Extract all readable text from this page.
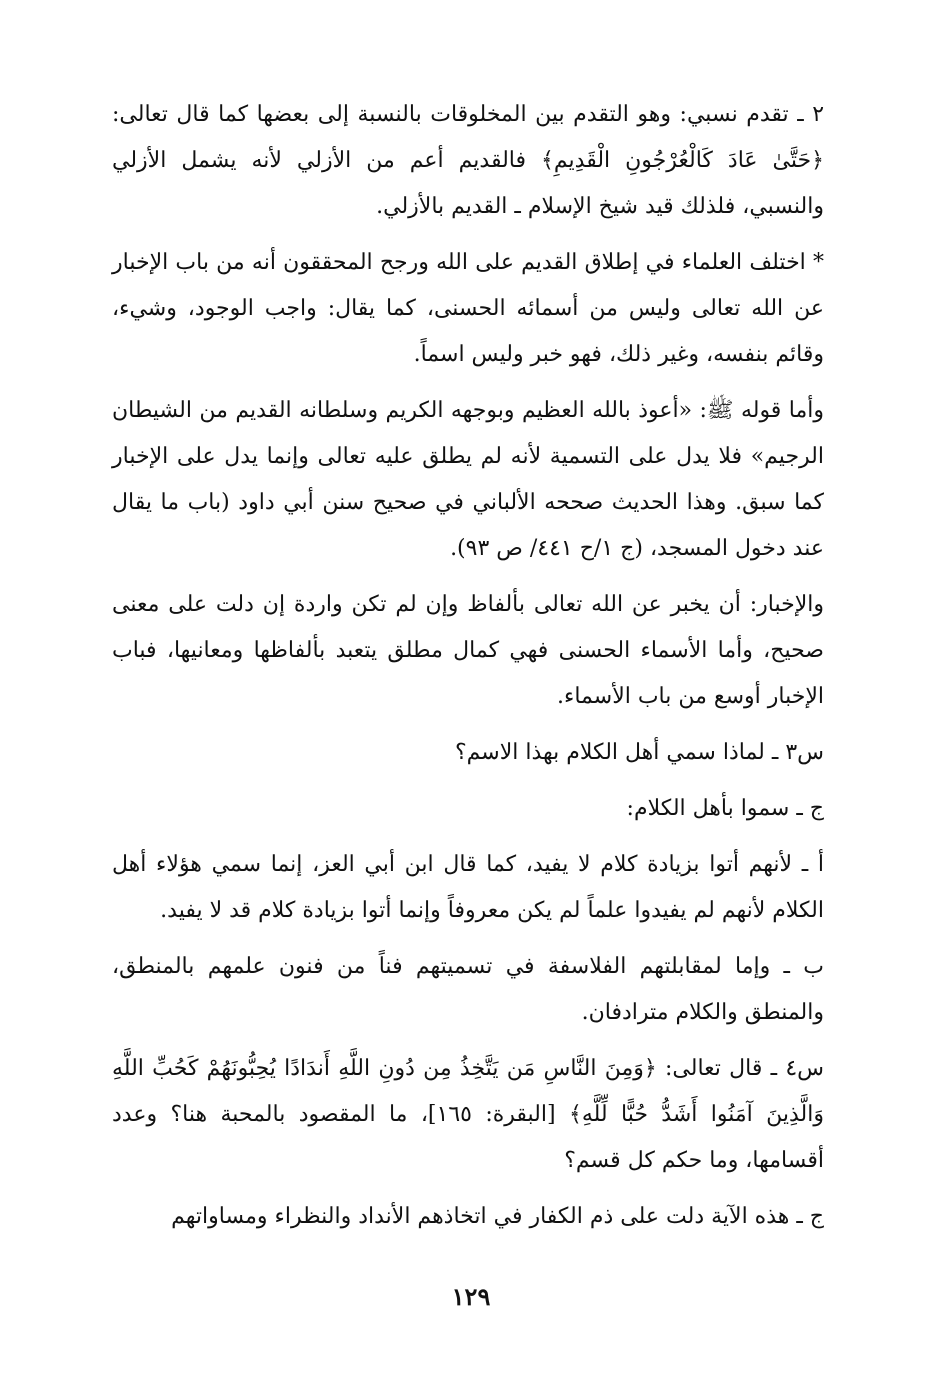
٢ ـ تقدم نسبي: وهو التقدم بين المخلوقات بالنسبة إلى بعضها كما قال تعالى: ﴿حَتَّىٰ عَادَ كَالْعُرْجُونِ الْقَدِيمِ﴾ فالقديم أعم من الأزلي لأنه يشمل الأزلي والنسبي، فلذلك قيد شيخ الإسلام ـ القديم بالأزلي.

* اختلف العلماء في إطلاق القديم على الله ورجح المحققون أنه من باب الإخبار عن الله تعالى وليس من أسمائه الحسنى، كما يقال: واجب الوجود، وشيء، وقائم بنفسه، وغير ذلك، فهو خبر وليس اسماً.

وأما قوله ﷺ: «أعوذ بالله العظيم وبوجهه الكريم وسلطانه القديم من الشيطان الرجيم» فلا يدل على التسمية لأنه لم يطلق عليه تعالى وإنما يدل على الإخبار كما سبق. وهذا الحديث صححه الألباني في صحيح سنن أبي داود (باب ما يقال عند دخول المسجد، (ج ١/ح ٤٤١/ ص ٩٣).

والإخبار: أن يخبر عن الله تعالى بألفاظ وإن لم تكن واردة إن دلت على معنى صحيح، وأما الأسماء الحسنى فهي كمال مطلق يتعبد بألفاظها ومعانيها، فباب الإخبار أوسع من باب الأسماء.

س٣ ـ لماذا سمي أهل الكلام بهذا الاسم؟

ج ـ سموا بأهل الكلام:

أ ـ لأنهم أتوا بزيادة كلام لا يفيد، كما قال ابن أبي العز، إنما سمي هؤلاء أهل الكلام لأنهم لم يفيدوا علماً لم يكن معروفاً وإنما أتوا بزيادة كلام قد لا يفيد.

ب ـ وإما لمقابلتهم الفلاسفة في تسميتهم فناً من فنون علمهم بالمنطق، والمنطق والكلام مترادفان.

س٤ ـ قال تعالى: ﴿وَمِنَ النَّاسِ مَن يَتَّخِذُ مِن دُونِ اللَّهِ أَندَادًا يُحِبُّونَهُمْ كَحُبِّ اللَّهِ وَالَّذِينَ آمَنُوا أَشَدُّ حُبًّا لِّلَّهِ﴾ [البقرة: ١٦٥]، ما المقصود بالمحبة هنا؟ وعدد أقسامها، وما حكم كل قسم؟

ج ـ هذه الآية دلت على ذم الكفار في اتخاذهم الأنداد والنظراء ومساواتهم

١٢٩
